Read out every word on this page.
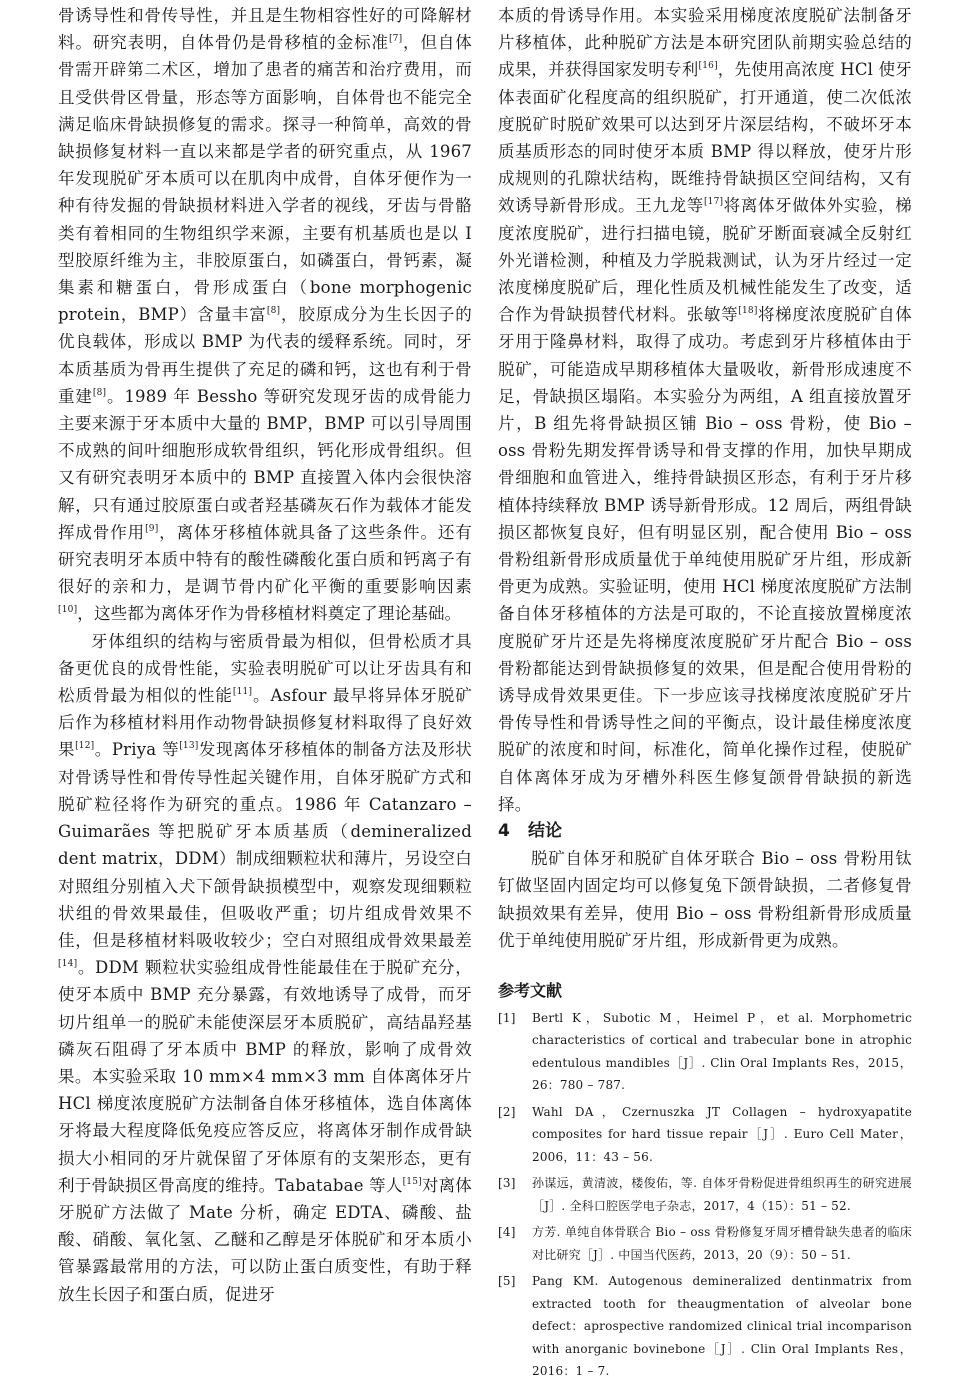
骨诱导性和骨传导性，并且是生物相容性好的可降解材料。研究表明，自体骨仍是骨移植的金标准[7]，但自体骨需开辟第二术区，增加了患者的痛苦和治疗费用，而且受供骨区骨量，形态等方面影响，自体骨也不能完全满足临床骨缺损修复的需求。探寻一种简单，高效的骨缺损修复材料一直以来都是学者的研究重点，从 1967 年发现脱矿牙本质可以在肌肉中成骨，自体牙便作为一种有待发掘的骨缺损材料进入学者的视线，牙齿与骨骼类有着相同的生物组织学来源，主要有机基质也是以 I 型胶原纤维为主，非胶原蛋白，如磷蛋白，骨钙素，凝集素和糖蛋白，骨形成蛋白（bone morphogenic protein，BMP）含量丰富[8]，胶原成分为生长因子的优良载体，形成以 BMP 为代表的缓释系统。同时，牙本质基质为骨再生提供了充足的磷和钙，这也有利于骨重建[8]。1989 年 Bessho 等研究发现牙齿的成骨能力主要来源于牙本质中大量的 BMP，BMP 可以引导周围不成熟的间叶细胞形成软骨组织，钙化形成骨组织。但又有研究表明牙本质中的 BMP 直接置入体内会很快溶解，只有通过胶原蛋白或者羟基磷灰石作为载体才能发挥成骨作用[9]，离体牙移植体就具备了这些条件。还有研究表明牙本质中特有的酸性磷酸化蛋白质和钙离子有很好的亲和力，是调节骨内矿化平衡的重要影响因素[10]，这些都为离体牙作为骨移植材料奠定了理论基础。

牙体组织的结构与密质骨最为相似，但骨松质才具备更优良的成骨性能，实验表明脱矿可以让牙齿具有和松质骨最为相似的性能[11]。Asfour 最早将异体牙脱矿后作为移植材料用作动物骨缺损修复材料取得了良好效果[12]。Priya 等[13]发现离体牙移植体的制备方法及形状对骨诱导性和骨传导性起关键作用，自体牙脱矿方式和脱矿粒径将作为研究的重点。1986 年 Catanzaro – Guimarães 等把脱矿牙本质基质（demineralized dent matrix，DDM）制成细颗粒状和薄片，另设空白对照组分别植入犬下颌骨缺损模型中，观察发现细颗粒状组的骨效果最佳，但吸收严重；切片组成骨效果不佳，但是移植材料吸收较少；空白对照组成骨效果最差[14]。DDM 颗粒状实验组成骨性能最佳在于脱矿充分，使牙本质中 BMP 充分暴露，有效地诱导了成骨，而牙切片组单一的脱矿未能使深层牙本质脱矿，高结晶羟基磷灰石阻碍了牙本质中 BMP 的释放，影响了成骨效果。本实验采取 10 mm×4 mm×3 mm 自体离体牙片 HCl 梯度浓度脱矿方法制备自体牙移植体，选自体离体牙将最大程度降低免疫应答反应，将离体牙制作成骨缺损大小相同的牙片就保留了牙体原有的支架形态，更有利于骨缺损区骨高度的维持。Tabatabae 等人[15]对离体牙脱矿方法做了 Mate 分析，确定 EDTA、磷酸、盐酸、硝酸、氧化氢、乙醚和乙醇是牙体脱矿和牙本质小管暴露最常用的方法，可以防止蛋白质变性，有助于释放生长因子和蛋白质，促进牙

本质的骨诱导作用。本实验采用梯度浓度脱矿法制备牙片移植体，此种脱矿方法是本研究团队前期实验总结的成果，并获得国家发明专利[16]，先使用高浓度 HCl 使牙体表面矿化程度高的组织脱矿，打开通道，使二次低浓度脱矿时脱矿效果可以达到牙片深层结构，不破坏牙本质基质形态的同时使牙本质 BMP 得以释放，使牙片形成规则的孔隙状结构，既维持骨缺损区空间结构，又有效诱导新骨形成。王九龙等[17]将离体牙做体外实验，梯度浓度脱矿，进行扫描电镜，脱矿牙断面衰减全反射红外光谱检测，种植及力学脱栽测试，认为牙片经过一定浓度梯度脱矿后，理化性质及机械性能发生了改变，适合作为骨缺损替代材料。张敏等[18]将梯度浓度脱矿自体牙用于隆鼻材料，取得了成功。考虑到牙片移植体由于脱矿，可能造成早期移植体大量吸收，新骨形成速度不足，骨缺损区塌陷。本实验分为两组，A 组直接放置牙片，B 组先将骨缺损区铺 Bio – oss 骨粉，使 Bio – oss 骨粉先期发挥骨诱导和骨支撑的作用，加快早期成骨细胞和血管进入，维持骨缺损区形态，有利于牙片移植体持续释放 BMP 诱导新骨形成。12 周后，两组骨缺损区都恢复良好，但有明显区别，配合使用 Bio – oss 骨粉组新骨形成质量优于单纯使用脱矿牙片组，形成新骨更为成熟。实验证明，使用 HCl 梯度浓度脱矿方法制备自体牙移植体的方法是可取的，不论直接放置梯度浓度脱矿牙片还是先将梯度浓度脱矿牙片配合 Bio – oss 骨粉都能达到骨缺损修复的效果，但是配合使用骨粉的诱导成骨效果更佳。下一步应该寻找梯度浓度脱矿牙片骨传导性和骨诱导性之间的平衡点，设计最佳梯度浓度脱矿的浓度和时间，标准化，简单化操作过程，使脱矿自体离体牙成为牙槽外科医生修复颌骨骨缺损的新选择。

4 结论

脱矿自体牙和脱矿自体牙联合 Bio – oss 骨粉用钛钉做坚固内固定均可以修复兔下颌骨缺损，二者修复骨缺损效果有差异，使用 Bio – oss 骨粉组新骨形成质量优于单纯使用脱矿牙片组，形成新骨更为成熟。

参考文献

[1] Bertl K，Subotic M，Heimel P，et al. Morphometric characteristics of cortical and trabecular bone in atrophic edentulous mandibles［J］. Clin Oral Implants Res，2015，26：780 – 787.

[2] Wahl DA，Czernuszka JT Collagen – hydroxyapatite composites for hard tissue repair［J］. Euro Cell Mater，2006，11：43 – 56.

[3] 孙谋远，黄清波，楼俊佑，等. 自体牙骨粉促进骨组织再生的研究进展［J］. 全科口腔医学电子杂志，2017，4（15）：51 – 52.

[4] 方芳. 单纯自体骨联合 Bio – oss 骨粉修复牙周牙槽骨缺失患者的临床对比研究［J］. 中国当代医药，2013，20（9）：50 – 51.

[5] Pang KM. Autogenous demineralized dentinmatrix from extracted tooth for theaugmentation of alveolar bone defect：aprospective randomized clinical trial incomparison with anorganic bovinebone［J］. Clin Oral Implants Res，2016：1 – 7.
